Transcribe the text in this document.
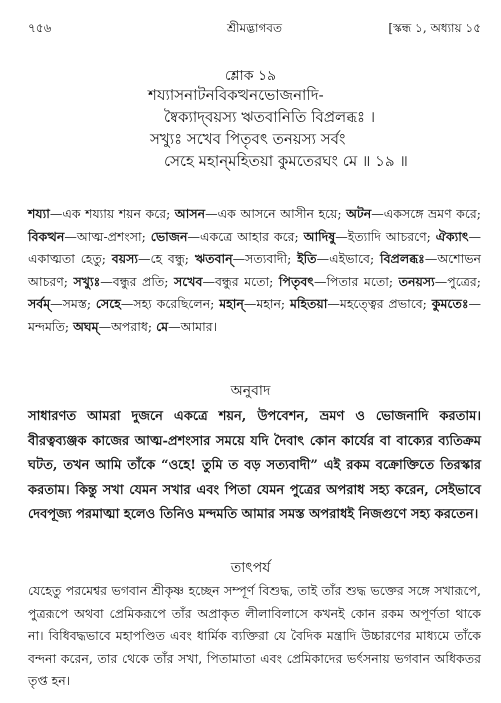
৭৫৬	শ্রীমদ্ভাগবত	[স্কন্ধ ১, অধ্যায় ১৫
শ্লোক ১৯
শয্যাসনাটনবিকত্থনভোজনাদি-
ষ্বৈক্যাদ্‌বয়স্য ঋতবানিতি বিপ্রলব্ধঃ ।
সখ্যুঃ সখেব পিতৃবৎ তনয়স্য সর্বং
সেহে মহান্‌মহিতয়া কুমতেরঘং মে ॥ ১৯ ॥
শয্যা—এক শয্যায় শয়ন করে; আসন—এক আসনে আসীন হয়ে; অটন—একসঙ্গে ভ্রমণ করে; বিকত্থন—আত্ম-প্রশংসা; ভোজন—একত্রে আহার করে; আদিষু—ইত্যাদি আচরণে; ঐক্যাৎ—একাত্মতা হেতু; বয়স্য—হে বন্ধু; ঋতবান্—সত্যবাদী; ইতি—এইভাবে; বিপ্রলব্ধঃ—অশোভন আচরণ; সখ্যুঃ—বন্ধুর প্রতি; সখেব—বন্ধুর মতো; পিতৃবৎ—পিতার মতো; তনয়স্য—পুত্রের; সর্বম্—সমস্ত; সেহে—সহ্য করেছিলেন; মহান্—মহান; মহিতয়া—মহত্ত্বের প্রভাবে; কুমতেঃ—মন্দমতি; অঘম্—অপরাধ; মে—আমার।
অনুবাদ
সাধারণত আমরা দুজনে একত্রে শয়ন, উপবেশন, ভ্রমণ ও ভোজনাদি করতাম। বীরত্বব্যঞ্জক কাজের আত্ম-প্রশংসার সময়ে যদি দৈবাৎ কোন কার্যের বা বাক্যের ব্যতিক্রম ঘটত, তখন আমি তাঁকে “ওহে! তুমি ত বড় সত্যবাদী” এই রকম বক্রোক্তিতে তিরস্কার করতাম। কিন্তু সখা যেমন সখার এবং পিতা যেমন পুত্রের অপরাধ সহ্য করেন, সেইভাবে দেবপূজ্য পরমাত্মা হলেও তিনিও মন্দমতি আমার সমস্ত অপরাধই নিজগুণে সহ্য করতেন।
তাৎপর্য
যেহেতু পরমেশ্বর ভগবান শ্রীকৃষ্ণ হচ্ছেন সম্পূর্ণ বিশুদ্ধ, তাই তাঁর শুদ্ধ ভক্তের সঙ্গে সখারূপে, পুত্ররূপে অথবা প্রেমিকরূপে তাঁর অপ্রাকৃত লীলাবিলাসে কখনই কোন রকম অপূর্ণতা থাকে না। বিধিবদ্ধভাবে মহাপণ্ডিত এবং ধার্মিক ব্যক্তিরা যে বৈদিক মন্ত্রাদি উচ্চারণের মাধ্যমে তাঁকে বন্দনা করেন, তার থেকে তাঁর সখা, পিতামাতা এবং প্রেমিকাদের ভর্ৎসনায় ভগবান অধিকতর তৃপ্ত হন।
